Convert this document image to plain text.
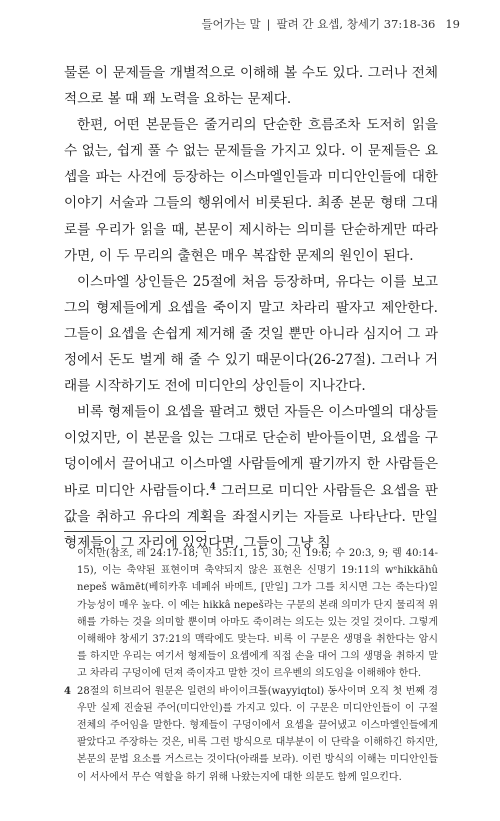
들어가는 말 | 팔려 간 요셉, 창세기 37:18-36 19

물론 이 문제들을 개별적으로 이해해 볼 수도 있다. 그러나 전체적으로 볼 때 꽤 노력을 요하는 문제다.

한편, 어떤 본문들은 줄거리의 단순한 흐름조차 도저히 읽을 수 없는, 쉽게 풀 수 없는 문제들을 가지고 있다. 이 문제들은 요셉을 파는 사건에 등장하는 이스마엘인들과 미디안인들에 대한 이야기 서술과 그들의 행위에서 비롯된다. 최종 본문 형태 그대로를 우리가 읽을 때, 본문이 제시하는 의미를 단순하게만 따라가면, 이 두 무리의 출현은 매우 복잡한 문제의 원인이 된다.

이스마엘 상인들은 25절에 처음 등장하며, 유다는 이를 보고 그의 형제들에게 요셉을 죽이지 말고 차라리 팔자고 제안한다. 그들이 요셉을 손쉽게 제거해 줄 것일 뿐만 아니라 심지어 그 과정에서 돈도 벌게 해 줄 수 있기 때문이다(26-27절). 그러나 거래를 시작하기도 전에 미디안의 상인들이 지나간다.

비록 형제들이 요셉을 팔려고 했던 자들은 이스마엘의 대상들이었지만, 이 본문을 있는 그대로 단순히 받아들이면, 요셉을 구덩이에서 끌어내고 이스마엘 사람들에게 팔기까지 한 사람들은 바로 미디안 사람들이다.$^4$ 그러므로 미디안 사람들은 요셉을 판 값을 취하고 유다의 계획을 좌절시키는 자들로 나타난다. 만일 형제들이 그 자리에 있었다면, 그들이 그냥 침

이지만(참조, 레 24:17-18; 민 35:11, 15, 30; 신 19:6; 수 20:3, 9; 렘 40:14-15), 이는 축약된 표현이며 축약되지 않은 표현은 신명기 19:11의 wᵉhikkāhû nepeš wāmēt(베히카후 네페쉬 바메트, [만일] 그가 그를 치시면 그는 죽는다)일 가능성이 매우 높다. 이 예는 hikkâ nepeš라는 구문의 본래 의미가 단지 물리적 위해를 가하는 것을 의미할 뿐이며 아마도 죽이려는 의도는 있는 것일 것이다. 그렇게 이해해야 창세기 37:21의 맥락에도 맞는다. 비록 이 구문은 생명을 취한다는 암시를 하지만 우리는 여기서 형제들이 요셉에게 직접 손을 대어 그의 생명을 취하지 말고 차라리 구덩이에 던져 죽이자고 말한 것이 르우벤의 의도임을 이해해야 한다.

4 28절의 히브리어 원문은 일련의 바이이크톨(wayyiqtol) 동사이며 오직 첫 번째 경우만 실제 진술된 주어(미디안인)를 가지고 있다. 이 구문은 미디안인들이 이 구절 전체의 주어임을 말한다. 형제들이 구덩이에서 요셉을 끌어냈고 이스마엘인들에게 팔았다고 주장하는 것은, 비록 그런 방식으로 대부분이 이 단락을 이해하긴 하지만, 본문의 문법 요소를 거스르는 것이다(아래를 보라). 이런 방식의 이해는 미디안인들이 서사에서 무슨 역할을 하기 위해 나왔는지에 대한 의문도 함께 일으킨다.
